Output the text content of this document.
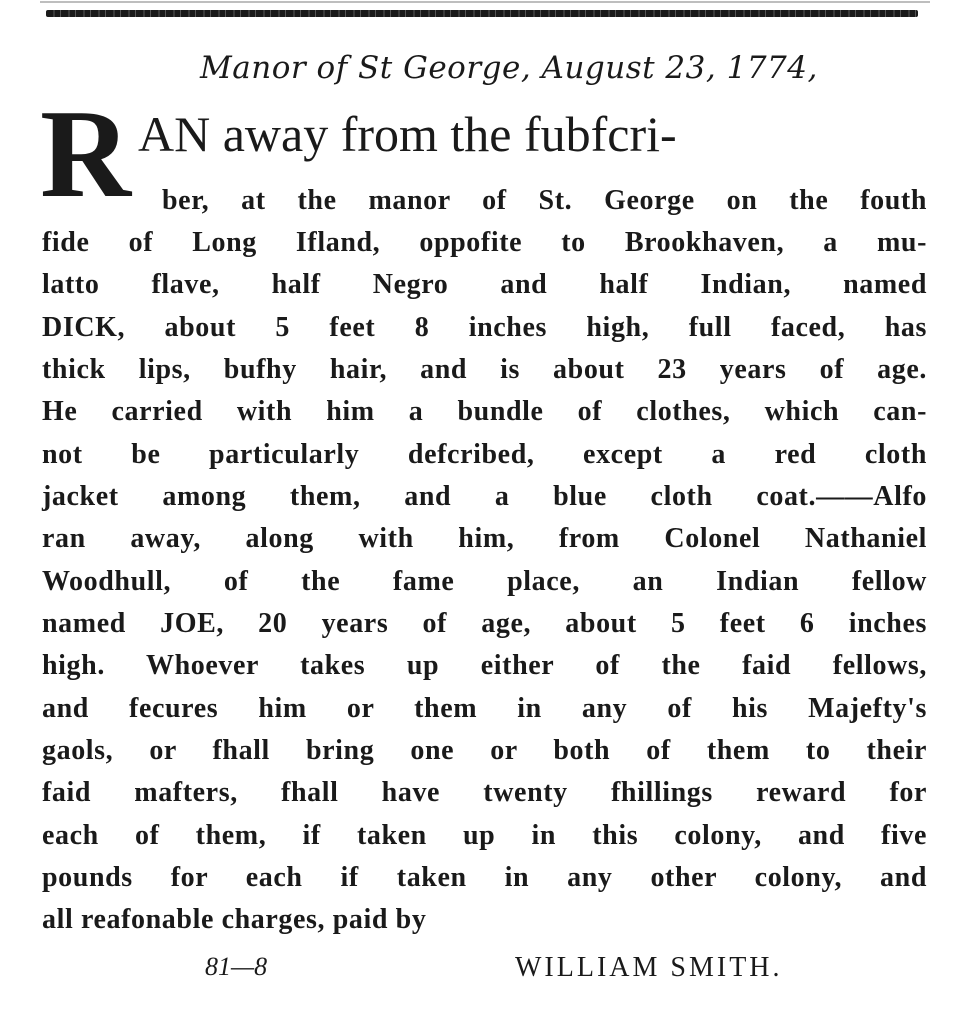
Manor of St George, August 23, 1774,
R AN away from the fubfcri-
ber, at the manor of St. George on the fouth
fide of Long Ifland, oppofite to Brookhaven, a mu-
latto flave, half Negro and half Indian, named
DICK, about 5 feet 8 inches high, full faced, has
thick lips, bufhy hair, and is about 23 years of age.
He carried with him a bundle of clothes, which can-
not be particularly defcribed, except a red cloth
jacket among them, and a blue cloth coat.——Alfo
ran away, along with him, from Colonel Nathaniel
Woodhull, of the fame place, an Indian fellow
named JOE, 20 years of age, about 5 feet 6 inches
high. Whoever takes up either of the faid fellows,
and fecures him or them in any of his Majefty's
gaols, or fhall bring one or both of them to their
faid mafters, fhall have twenty fhillings reward for
each of them, if taken up in this colony, and five
pounds for each if taken in any other colony, and
all reafonable charges, paid by
81—8	WILLIAM SMITH.
